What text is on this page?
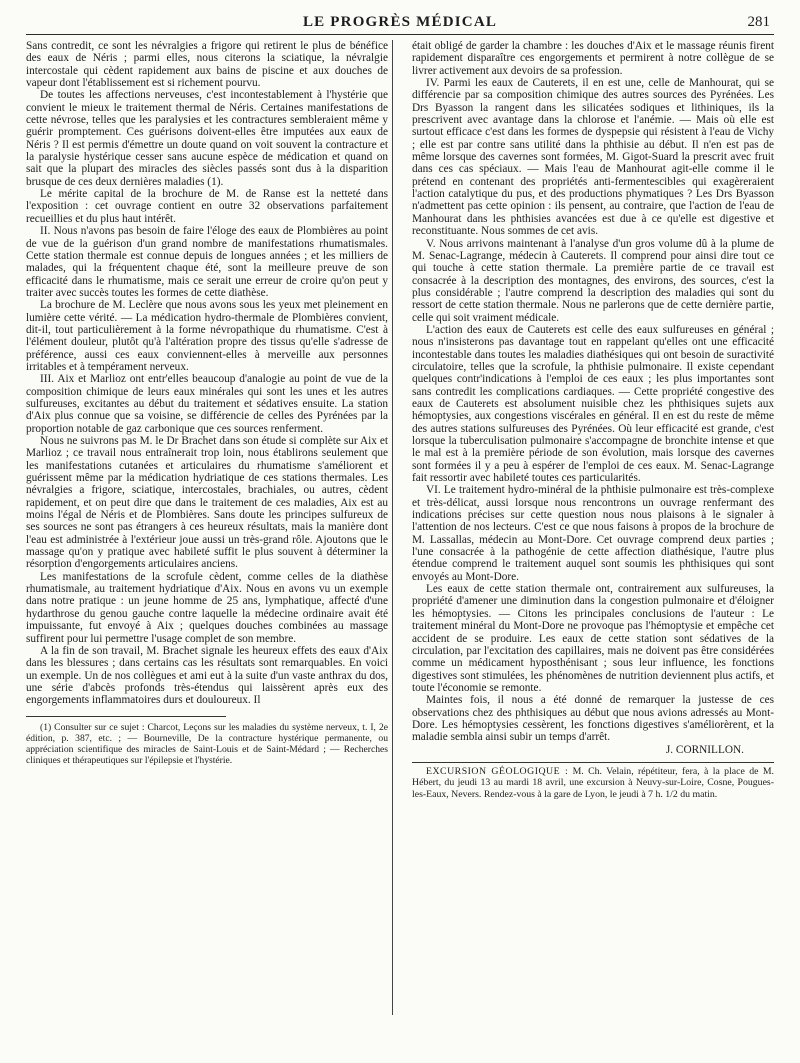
LE PROGRÈS MÉDICAL	281

Sans contredit, ce sont les névralgies a frigore qui retirent le plus de bénéfice des eaux de Néris ; parmi elles, nous citerons la sciatique, la névralgie intercostale qui cèdent rapidement aux bains de piscine et aux douches de vapeur dont l'établissement est si richement pourvu.

De toutes les affections nerveuses, c'est incontestablement à l'hystérie que convient le mieux le traitement thermal de Néris. Certaines manifestations de cette névrose, telles que les paralysies et les contractures sembleraient même y guérir promptement. Ces guérisons doivent-elles être imputées aux eaux de Néris ? Il est permis d'émettre un doute quand on voit souvent la contracture et la paralysie hystérique cesser sans aucune espèce de médication et quand on sait que la plupart des miracles des siècles passés sont dus à la disparition brusque de ces deux dernières maladies (1).

Le mérite capital de la brochure de M. de Ranse est la netteté dans l'exposition : cet ouvrage contient en outre 32 observations parfaitement recueillies et du plus haut intérêt.

II. Nous n'avons pas besoin de faire l'éloge des eaux de Plombières au point de vue de la guérison d'un grand nombre de manifestations rhumatismales. Cette station thermale est connue depuis de longues années ; et les milliers de malades, qui la fréquentent chaque été, sont la meilleure preuve de son efficacité dans le rhumatisme, mais ce serait une erreur de croire qu'on peut y traiter avec succès toutes les formes de cette diathèse.

La brochure de M. Leclère que nous avons sous les yeux met pleinement en lumière cette vérité. — La médication hydro-thermale de Plombières convient, dit-il, tout particulièrement à la forme névropathique du rhumatisme. C'est à l'élément douleur, plutôt qu'à l'altération propre des tissus qu'elle s'adresse de préférence, aussi ces eaux conviennent-elles à merveille aux personnes irritables et à tempérament nerveux.

III. Aix et Marlioz ont entr'elles beaucoup d'analogie au point de vue de la composition chimique de leurs eaux minérales qui sont les unes et les autres sulfureuses, excitantes au début du traitement et sédatives ensuite. La station d'Aix plus connue que sa voisine, se différencie de celles des Pyrénées par la proportion notable de gaz carbonique que ces sources renferment.

Nous ne suivrons pas M. le Dr Brachet dans son étude si complète sur Aix et Marlioz ; ce travail nous entraînerait trop loin, nous établirons seulement que les manifestations cutanées et articulaires du rhumatisme s'améliorent et guérissent même par la médication hydriatique de ces stations thermales. Les névralgies a frigore, sciatique, intercostales, brachiales, ou autres, cèdent rapidement, et on peut dire que dans le traitement de ces maladies, Aix est au moins l'égal de Néris et de Plombières. Sans doute les principes sulfureux de ses sources ne sont pas étrangers à ces heureux résultats, mais la manière dont l'eau est administrée à l'extérieur joue aussi un très-grand rôle. Ajoutons que le massage qu'on y pratique avec habileté suffit le plus souvent à déterminer la résorption d'engorgements articulaires anciens.

Les manifestations de la scrofule cèdent, comme celles de la diathèse rhumatismale, au traitement hydriatique d'Aix. Nous en avons vu un exemple dans notre pratique : un jeune homme de 25 ans, lymphatique, affecté d'une hydarthrose du genou gauche contre laquelle la médecine ordinaire avait été impuissante, fut envoyé à Aix ; quelques douches combinées au massage suffirent pour lui permettre l'usage complet de son membre.

A la fin de son travail, M. Brachet signale les heureux effets des eaux d'Aix dans les blessures ; dans certains cas les résultats sont remarquables. En voici un exemple. Un de nos collègues et ami eut à la suite d'un vaste anthrax du dos, une série d'abcès profonds très-étendus qui laissèrent après eux des engorgements inflammatoires durs et douloureux. Il

(1) Consulter sur ce sujet : Charcot, Leçons sur les maladies du système nerveux, t. I, 2e édition, p. 387, etc. ; — Bourneville, De la contracture hystérique permanente, ou appréciation scientifique des miracles de Saint-Louis et de Saint-Médard ; — Recherches cliniques et thérapeutiques sur l'épilepsie et l'hystérie.

était obligé de garder la chambre : les douches d'Aix et le massage réunis firent rapidement disparaître ces engorgements et permirent à notre collègue de se livrer activement aux devoirs de sa profession.

IV. Parmi les eaux de Cauterets, il en est une, celle de Manhourat, qui se différencie par sa composition chimique des autres sources des Pyrénées. Les Drs Byasson la rangent dans les silicatées sodiques et lithiniques, ils la prescrivent avec avantage dans la chlorose et l'anémie. — Mais où elle est surtout efficace c'est dans les formes de dyspepsie qui résistent à l'eau de Vichy ; elle est par contre sans utilité dans la phthisie au début. Il n'en est pas de même lorsque des cavernes sont formées, M. Gigot-Suard la prescrit avec fruit dans ces cas spéciaux. — Mais l'eau de Manhourat agit-elle comme il le prétend en contenant des propriétés anti-fermentescibles qui exagèreraient l'action catalytique du pus, et des productions phymatiques ? Les Drs Byasson n'admettent pas cette opinion : ils pensent, au contraire, que l'action de l'eau de Manhourat dans les phthisies avancées est due à ce qu'elle est digestive et reconstituante. Nous sommes de cet avis.

V. Nous arrivons maintenant à l'analyse d'un gros volume dû à la plume de M. Senac-Lagrange, médecin à Cauterets. Il comprend pour ainsi dire tout ce qui touche à cette station thermale. La première partie de ce travail est consacrée à la description des montagnes, des environs, des sources, c'est la plus considérable ; l'autre comprend la description des maladies qui sont du ressort de cette station thermale. Nous ne parlerons que de cette dernière partie, celle qui soit vraiment médicale.

L'action des eaux de Cauterets est celle des eaux sulfureuses en général ; nous n'insisterons pas davantage tout en rappelant qu'elles ont une efficacité incontestable dans toutes les maladies diathésiques qui ont besoin de suractivité circulatoire, telles que la scrofule, la phthisie pulmonaire. Il existe cependant quelques contr'indications à l'emploi de ces eaux ; les plus importantes sont sans contredit les complications cardiaques. — Cette propriété congestive des eaux de Cauterets est absolument nuisible chez les phthisiques sujets aux hémoptysies, aux congestions viscérales en général. Il en est du reste de même des autres stations sulfureuses des Pyrénées. Où leur efficacité est grande, c'est lorsque la tuberculisation pulmonaire s'accompagne de bronchite intense et que le mal est à la première période de son évolution, mais lorsque des cavernes sont formées il y a peu à espérer de l'emploi de ces eaux. M. Senac-Lagrange fait ressortir avec habileté toutes ces particularités.

VI. Le traitement hydro-minéral de la phthisie pulmonaire est très-complexe et très-délicat, aussi lorsque nous rencontrons un ouvrage renfermant des indications précises sur cette question nous nous plaisons à le signaler à l'attention de nos lecteurs. C'est ce que nous faisons à propos de la brochure de M. Lassallas, médecin au Mont-Dore. Cet ouvrage comprend deux parties ; l'une consacrée à la pathogénie de cette affection diathésique, l'autre plus étendue comprend le traitement auquel sont soumis les phthisiques qui sont envoyés au Mont-Dore.

Les eaux de cette station thermale ont, contrairement aux sulfureuses, la propriété d'amener une diminution dans la congestion pulmonaire et d'éloigner les hémoptysies. — Citons les principales conclusions de l'auteur : Le traitement minéral du Mont-Dore ne provoque pas l'hémoptysie et empêche cet accident de se produire. Les eaux de cette station sont sédatives de la circulation, par l'excitation des capillaires, mais ne doivent pas être considérées comme un médicament hyposthénisant ; sous leur influence, les fonctions digestives sont stimulées, les phénomènes de nutrition deviennent plus actifs, et toute l'économie se remonte.

Maintes fois, il nous a été donné de remarquer la justesse de ces observations chez des phthisiques au début que nous avions adressés au Mont-Dore. Les hémoptysies cessèrent, les fonctions digestives s'améliorèrent, et la maladie sembla ainsi subir un temps d'arrêt.

J. CORNILLON.

EXCURSION GÉOLOGIQUE : M. Ch. Velain, répétiteur, fera, à la place de M. Hébert, du jeudi 13 au mardi 18 avril, une excursion à Neuvy-sur-Loire, Cosne, Pougues-les-Eaux, Nevers. Rendez-vous à la gare de Lyon, le jeudi à 7 h. 1/2 du matin.
